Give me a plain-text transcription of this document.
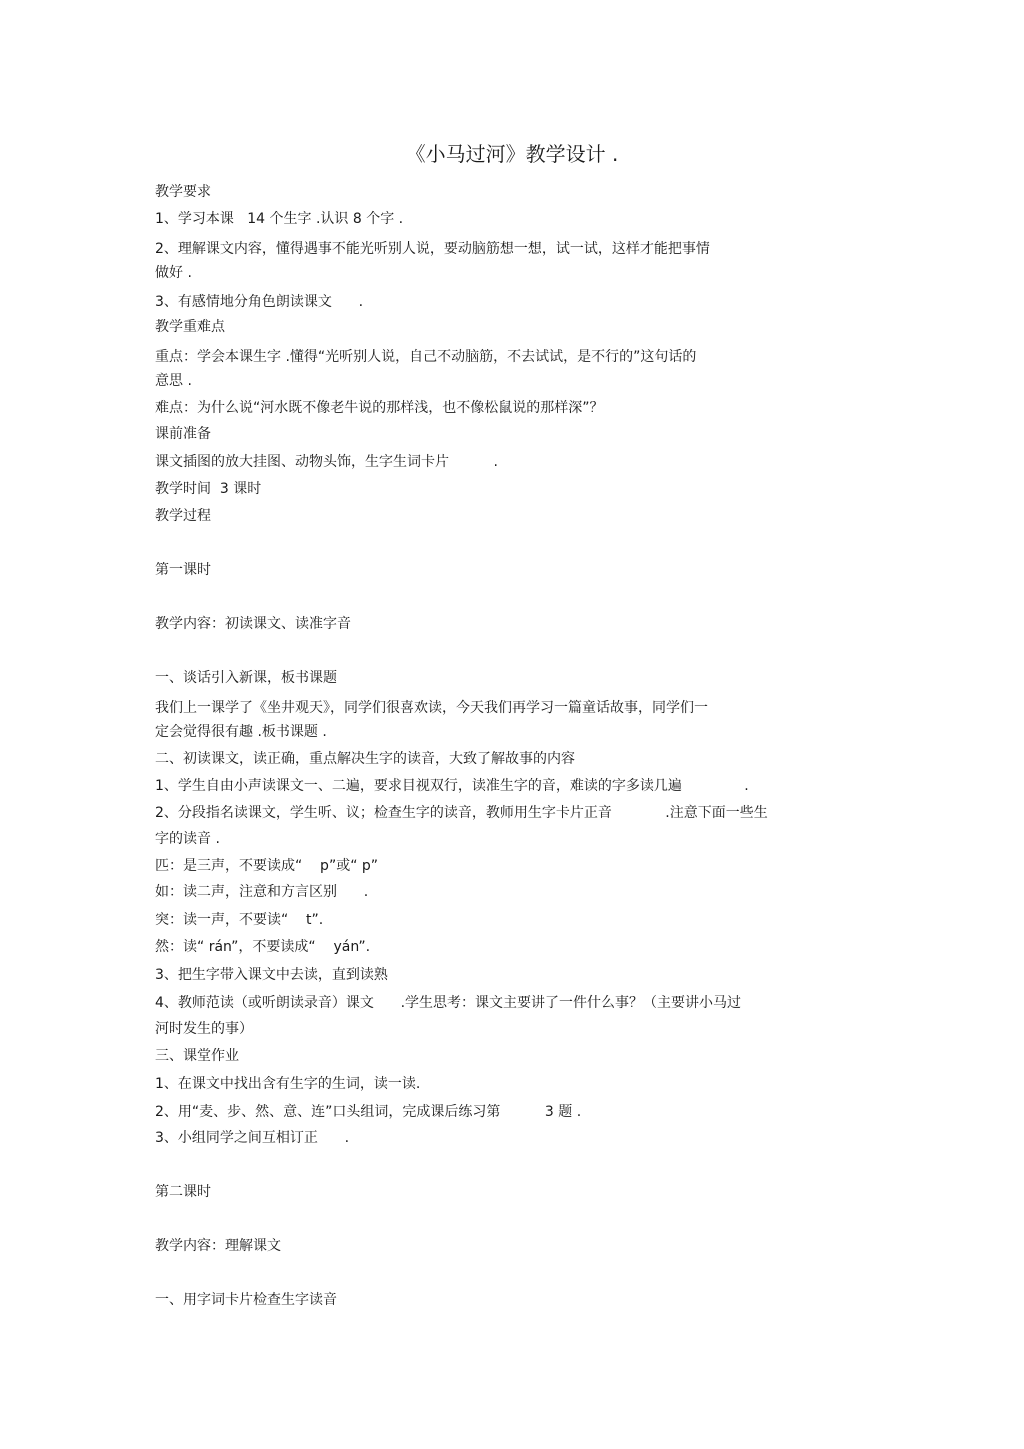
《小马过河》教学设计 .
教学要求
1、学习本课   14 个生字 .认识 8 个字 .
2、理解课文内容，懂得遇事不能光听别人说，要动脑筋想一想，试一试，这样才能把事情
做好 .
3、有感情地分角色朗读课文      .
教学重难点
重点：学会本课生字 .懂得“光听别人说，自己不动脑筋，不去试试，是不行的”这句话的
意思 .
难点：为什么说“河水既不像老牛说的那样浅，也不像松鼠说的那样深”？
课前准备
课文插图的放大挂图、动物头饰，生字生词卡片          .
教学时间  3 课时
教学过程
第一课时
教学内容：初读课文、读准字音
一、谈话引入新课，板书课题
我们上一课学了《坐井观天》，同学们很喜欢读，今天我们再学习一篇童话故事，同学们一
定会觉得很有趣 .板书课题 .
二、初读课文，读正确，重点解决生字的读音，大致了解故事的内容
1、学生自由小声读课文一、二遍，要求目视双行，读准生字的音，难读的字多读几遍              .
2、分段指名读课文，学生听、议；检查生字的读音，教师用生字卡片正音            .注意下面一些生
字的读音 .
匹：是三声，不要读成“    p”或“ p”
如：读二声，注意和方言区别      .
突：读一声，不要读“    t”.
然：读“ rán”，不要读成“    yán”.
3、把生字带入课文中去读，直到读熟
4、教师范读（或听朗读录音）课文      .学生思考：课文主要讲了一件什么事？（主要讲小马过
河时发生的事）
三、课堂作业
1、在课文中找出含有生字的生词，读一读.
2、用“麦、步、然、意、连”口头组词，完成课后练习第          3 题 .
3、小组同学之间互相订正      .
第二课时
教学内容：理解课文
一、用字词卡片检查生字读音
